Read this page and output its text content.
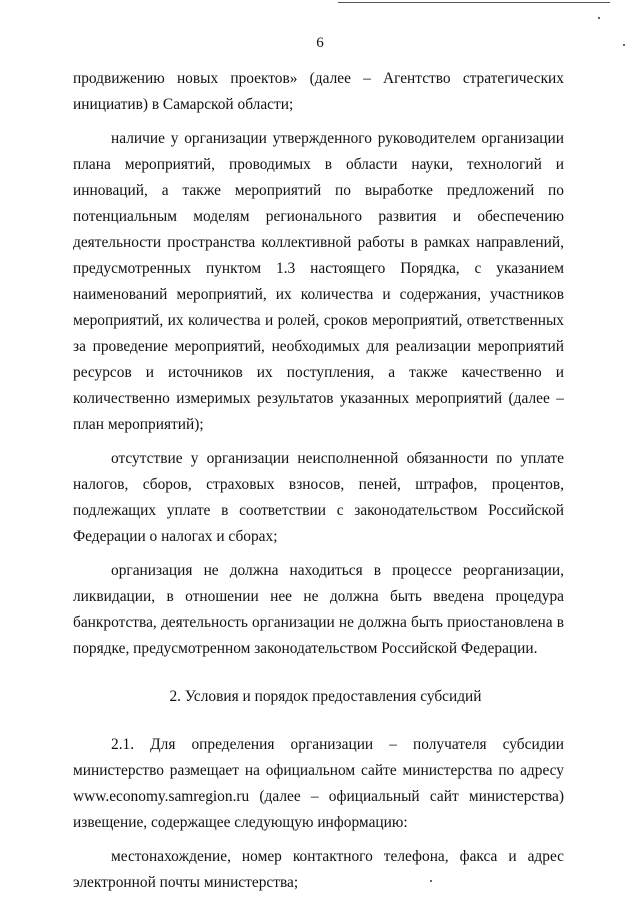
6

продвижению новых проектов» (далее – Агентство стратегических инициатив) в Самарской области;

наличие у организации утвержденного руководителем организации плана мероприятий, проводимых в области науки, технологий и инноваций, а также мероприятий по выработке предложений по потенциальным моделям регионального развития и обеспечению деятельности пространства коллективной работы в рамках направлений, предусмотренных пунктом 1.3 настоящего Порядка, с указанием наименований мероприятий, их количества и содержания, участников мероприятий, их количества и ролей, сроков мероприятий, ответственных за проведение мероприятий, необходимых для реализации мероприятий ресурсов и источников их поступления, а также качественно и количественно измеримых результатов указанных мероприятий (далее – план мероприятий);

отсутствие у организации неисполненной обязанности по уплате налогов, сборов, страховых взносов, пеней, штрафов, процентов, подлежащих уплате в соответствии с законодательством Российской Федерации о налогах и сборах;

организация не должна находиться в процессе реорганизации, ликвидации, в отношении нее не должна быть введена процедура банкротства, деятельность организации не должна быть приостановлена в порядке, предусмотренном законодательством Российской Федерации.

2. Условия и порядок предоставления субсидий

2.1. Для определения организации – получателя субсидии министерство размещает на официальном сайте министерства по адресу www.economy.samregion.ru (далее – официальный сайт министерства) извещение, содержащее следующую информацию:

местонахождение, номер контактного телефона, факса и адрес электронной почты министерства;
